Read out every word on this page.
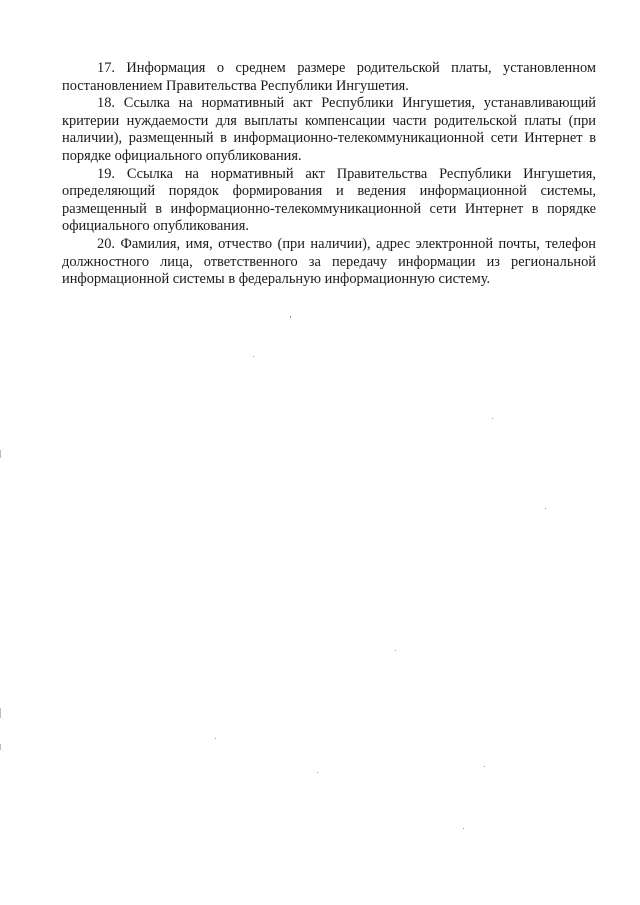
17. Информация о среднем размере родительской платы, установленном постановлением Правительства Республики Ингушетия.

18. Ссылка на нормативный акт Республики Ингушетия, устанавливающий критерии нуждаемости для выплаты компенсации части родительской платы (при наличии), размещенный в информационно-телекоммуникационной сети Интернет в порядке официального опубликования.

19. Ссылка на нормативный акт Правительства Республики Ингушетия, определяющий порядок формирования и ведения информационной системы, размещенный в информационно-телекоммуникационной сети Интернет в порядке официального опубликования.

20. Фамилия, имя, отчество (при наличии), адрес электронной почты, телефон должностного лица, ответственного за передачу информации из региональной информационной системы в федеральную информационную систему.
